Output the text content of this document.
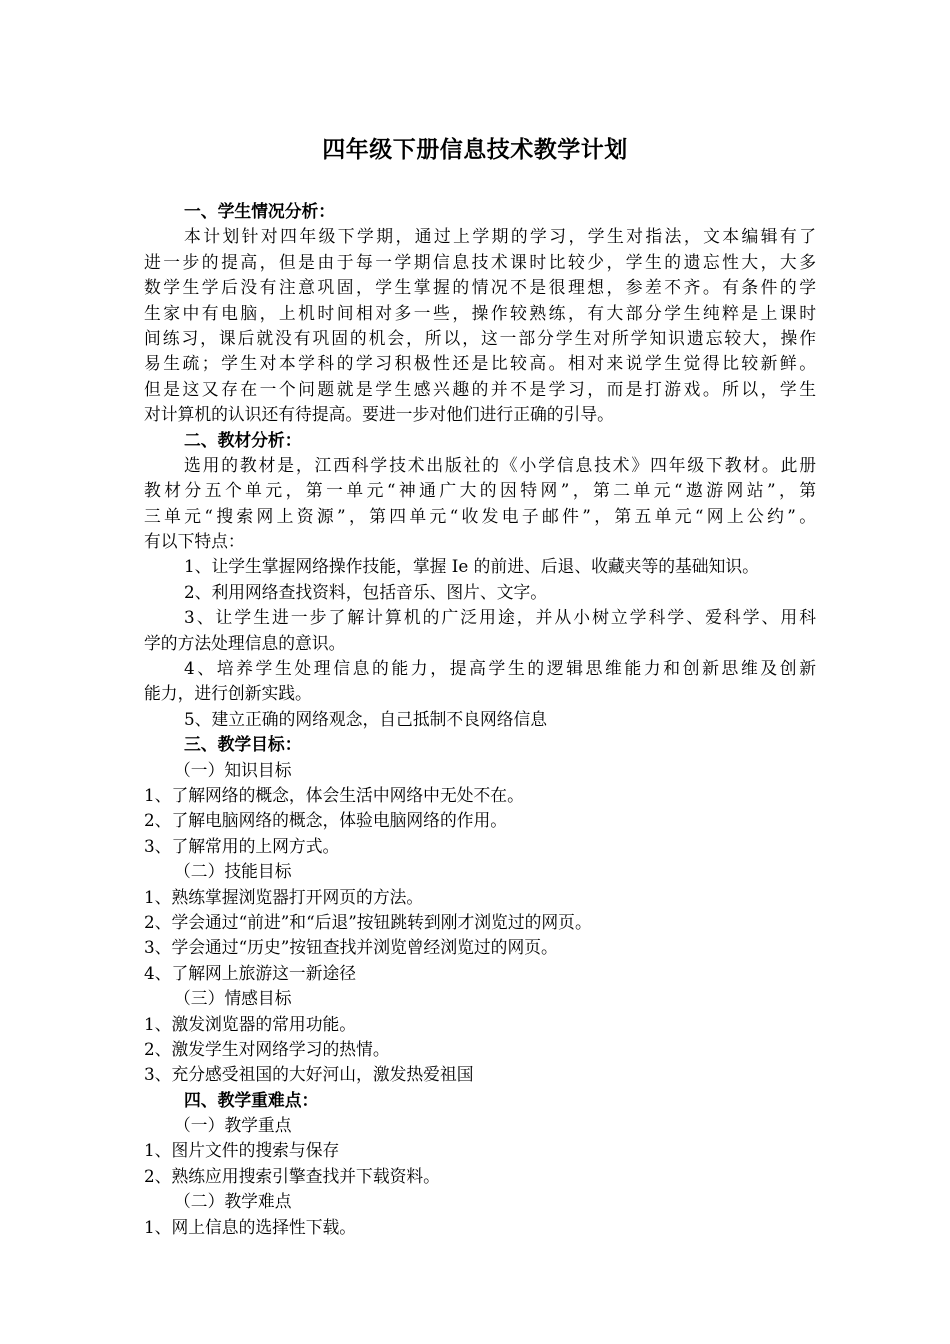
四年级下册信息技术教学计划
一、学生情况分析：
本计划针对四年级下学期，通过上学期的学习，学生对指法，文本编辑有了
进一步的提高，但是由于每一学期信息技术课时比较少，学生的遗忘性大，大多
数学生学后没有注意巩固，学生掌握的情况不是很理想，参差不齐。有条件的学
生家中有电脑，上机时间相对多一些，操作较熟练，有大部分学生纯粹是上课时
间练习，课后就没有巩固的机会，所以，这一部分学生对所学知识遗忘较大，操作
易生疏；学生对本学科的学习积极性还是比较高。相对来说学生觉得比较新鲜。
但是这又存在一个问题就是学生感兴趣的并不是学习，而是打游戏。所以，学生
对计算机的认识还有待提高。要进一步对他们进行正确的引导。
二、教材分析：
选用的教材是，江西科学技术出版社的《小学信息技术》四年级下教材。此册
教材分五个单元，第一单元“神通广大的因特网”，第二单元“遨游网站”，第
三单元“搜索网上资源”，第四单元“收发电子邮件”，第五单元“网上公约”。
有以下特点：
1、让学生掌握网络操作技能，掌握 Ie 的前进、后退、收藏夹等的基础知识。
2、利用网络查找资料，包括音乐、图片、文字。
3、让学生进一步了解计算机的广泛用途，并从小树立学科学、爱科学、用科
学的方法处理信息的意识。
4、培养学生处理信息的能力，提高学生的逻辑思维能力和创新思维及创新
能力，进行创新实践。
5、建立正确的网络观念，自己抵制不良网络信息
三、教学目标：
（一）知识目标
1、了解网络的概念，体会生活中网络中无处不在。
2、了解电脑网络的概念，体验电脑网络的作用。
3、了解常用的上网方式。
（二）技能目标
1、熟练掌握浏览器打开网页的方法。
2、学会通过“前进”和“后退”按钮跳转到刚才浏览过的网页。
3、学会通过“历史”按钮查找并浏览曾经浏览过的网页。
4、了解网上旅游这一新途径
（三）情感目标
1、激发浏览器的常用功能。
2、激发学生对网络学习的热情。
3、充分感受祖国的大好河山，激发热爱祖国
四、教学重难点：
（一）教学重点
1、图片文件的搜索与保存
2、熟练应用搜索引擎查找并下载资料。
（二）教学难点
1、网上信息的选择性下载。
